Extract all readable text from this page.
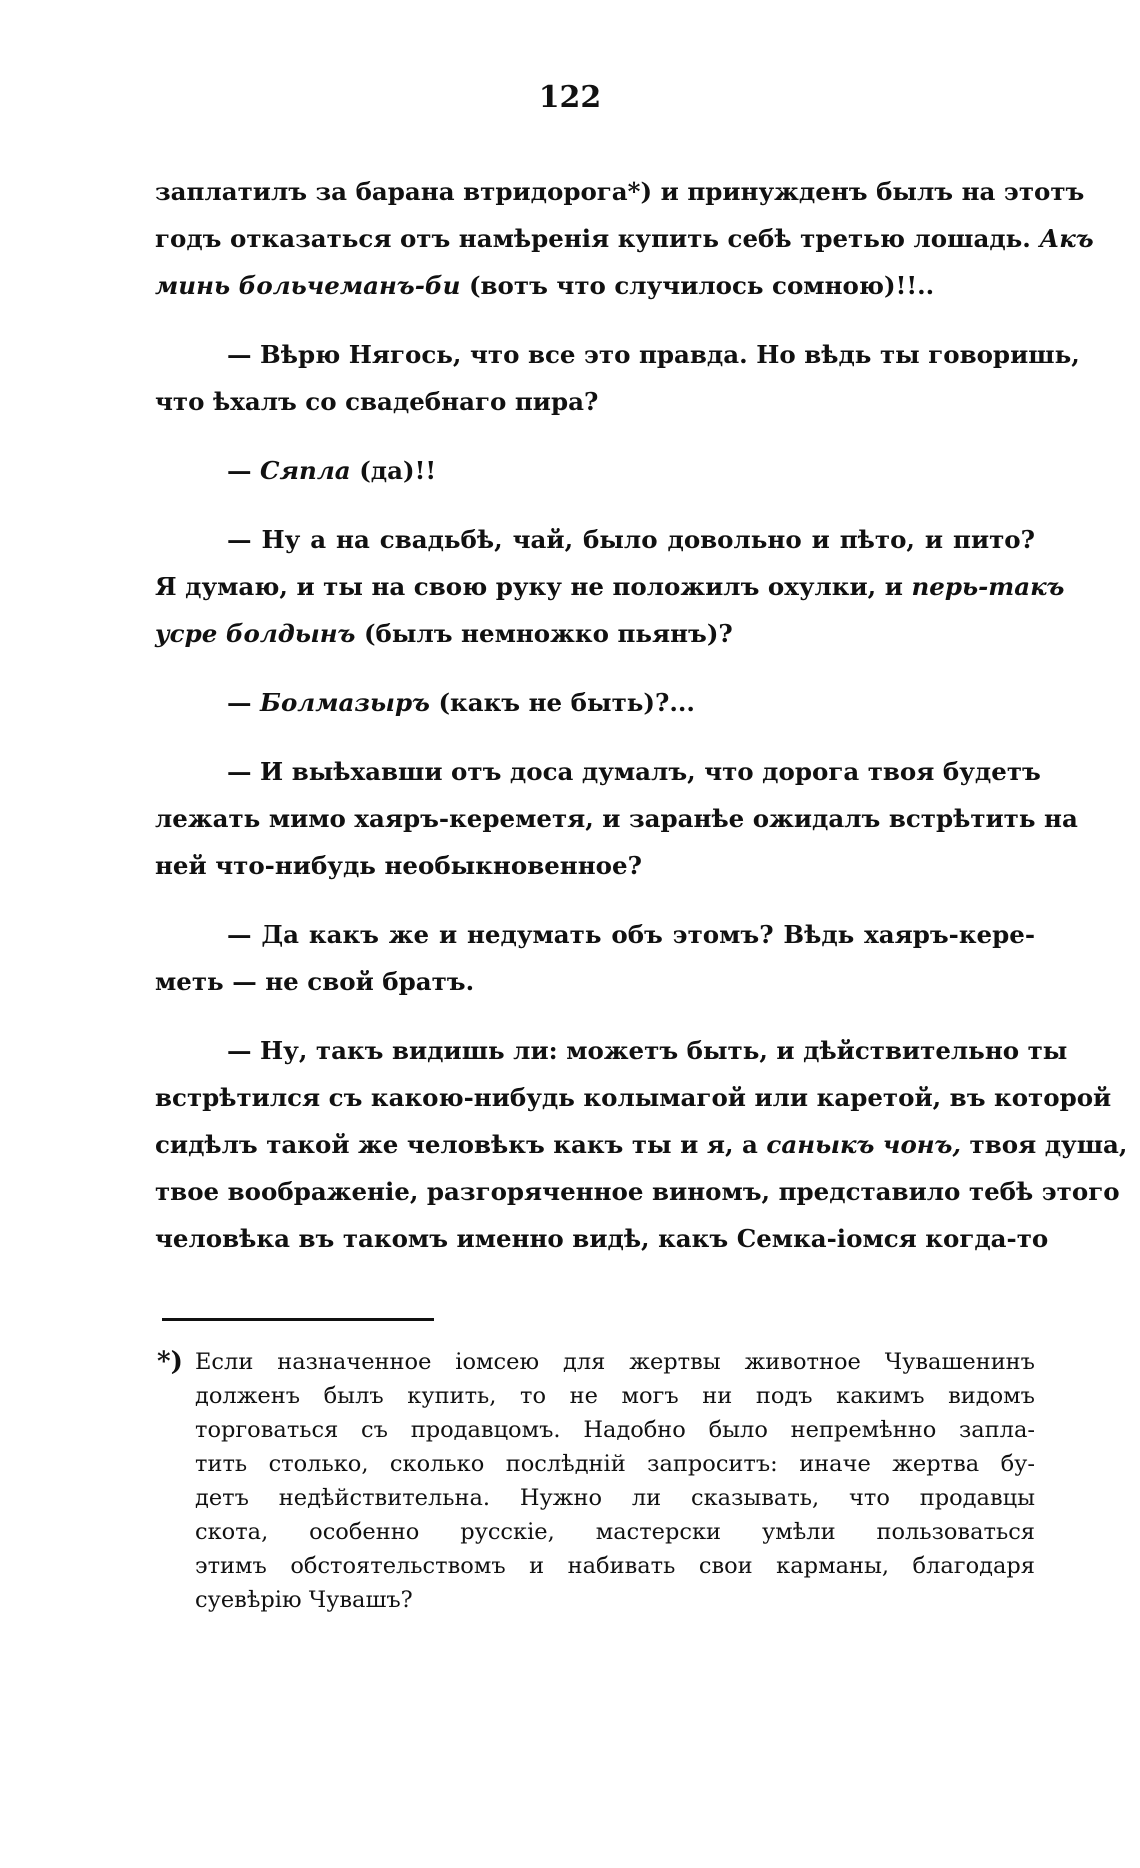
122
заплатилъ за барана втридорога*) и принужденъ былъ на этотъ
годъ отказаться отъ намѣренія купить себѣ третью лошадь. Акъ
минь больчеманъ-би (вотъ что случилось сомною)!!..
— Вѣрю Нягось, что все это правда. Но вѣдь ты говоришь,
что ѣхалъ со свадебнаго пира?
— Сяпла (да)!!
— Ну а на свадьбѣ, чай, было довольно и пѣто, и пито?
Я думаю, и ты на свою руку не положилъ охулки, и перь-такъ
усре болдынъ (былъ немножко пьянъ)?
— Болмазыръ (какъ не быть)?...
— И выѣхавши отъ доса думалъ, что дорога твоя будетъ
лежать мимо хаяръ-кереметя, и заранѣе ожидалъ встрѣтить на
ней что-нибудь необыкновенное?
— Да какъ же и недумать объ этомъ? Вѣдь хаяръ-кере-
меть — не свой братъ.
— Ну, такъ видишь ли: можетъ быть, и дѣйствительно ты
встрѣтился съ какою-нибудь колымагой или каретой, въ которой
сидѣлъ такой же человѣкъ какъ ты и я, а саныкъ чонъ, твоя душа,
твое воображеніе, разгоряченное виномъ, представило тебѣ этого
человѣка въ такомъ именно видѣ, какъ Семка-іомся когда-то
*) Если назначенное іомсею для жертвы животное Чувашенинъ
долженъ былъ купить, то не могъ ни подъ какимъ видомъ
торговаться съ продавцомъ. Надобно было непремѣнно запла-
тить столько, сколько послѣдній запроситъ: иначе жертва бу-
детъ недѣйствительна. Нужно ли сказывать, что продавцы
скота, особенно русскіе, мастерски умѣли пользоваться
этимъ обстоятельствомъ и набивать свои карманы, благодаря
суевѣрію Чувашъ?
